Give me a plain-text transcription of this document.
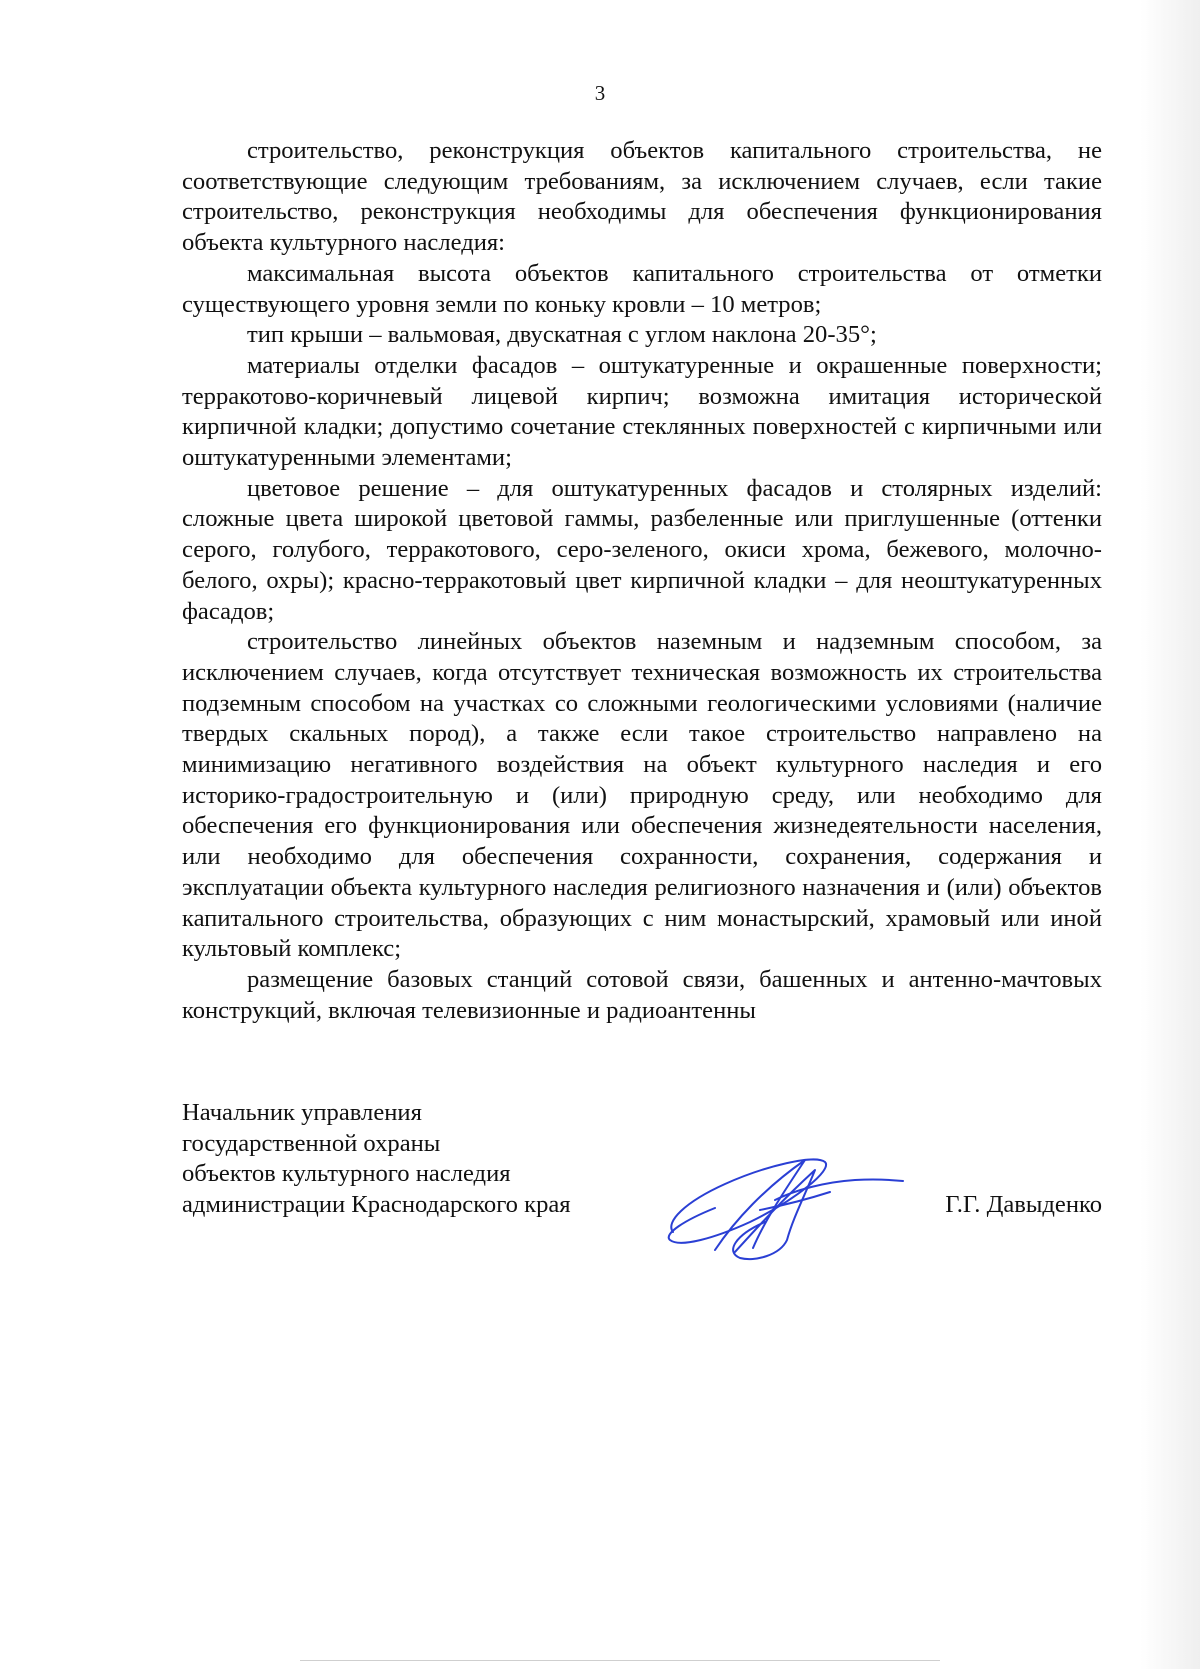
3

строительство, реконструкция объектов капитального строительства, не соответствующие следующим требованиям, за исключением случаев, если такие строительство, реконструкция необходимы для обеспечения функционирования объекта культурного наследия:

максимальная высота объектов капитального строительства от отметки существующего уровня земли по коньку кровли – 10 метров;

тип крыши – вальмовая, двускатная с углом наклона 20-35°;

материалы отделки фасадов – оштукатуренные и окрашенные поверхности; терракотово-коричневый лицевой кирпич; возможна имитация исторической кирпичной кладки; допустимо сочетание стеклянных поверхностей с кирпичными или оштукатуренными элементами;

цветовое решение – для оштукатуренных фасадов и столярных изделий: сложные цвета широкой цветовой гаммы, разбеленные или приглушенные (оттенки серого, голубого, терракотового, серо-зеленого, окиси хрома, бежевого, молочно-белого, охры); красно-терракотовый цвет кирпичной кладки – для неоштукатуренных фасадов;

строительство линейных объектов наземным и надземным способом, за исключением случаев, когда отсутствует техническая возможность их строительства подземным способом на участках со сложными геологическими условиями (наличие твердых скальных пород), а также если такое строительство направлено на минимизацию негативного воздействия на объект культурного наследия и его историко-градостроительную и (или) природную среду, или необходимо для обеспечения его функционирования или обеспечения жизнедеятельности населения, или необходимо для обеспечения сохранности, сохранения, содержания и эксплуатации объекта культурного наследия религиозного назначения и (или) объектов капитального строительства, образующих с ним монастырский, храмовый или иной культовый комплекс;

размещение базовых станций сотовой связи, башенных и антенно-мачтовых конструкций, включая телевизионные и радиоантенны

Начальник управления
государственной охраны
объектов культурного наследия
администрации Краснодарского края	Г.Г. Давыденко
